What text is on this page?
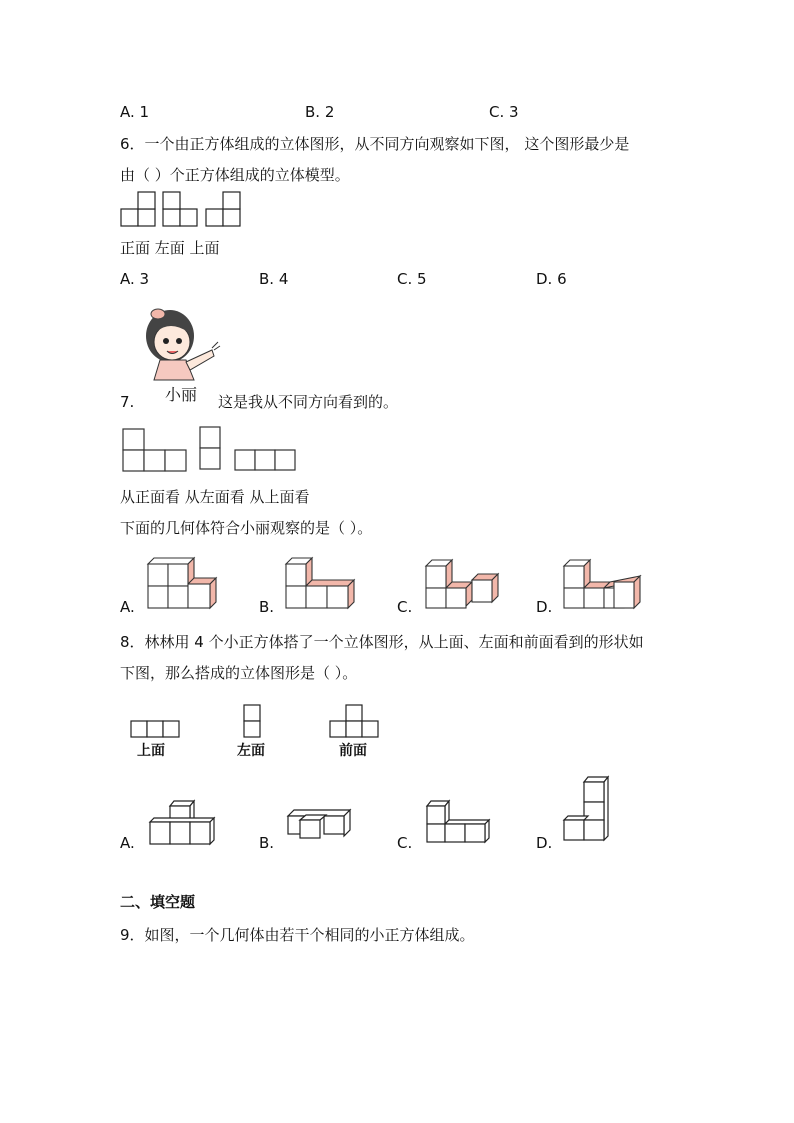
A. 1	B. 2	C. 3
6．一个由正方体组成的立体图形，从不同方向观察如下图， 这个图形最少是
由（ ）个正方体组成的立体模型。
正面 左面 上面
A. 3	B. 4	C. 5	D. 6
小丽
7.	这是我从不同方向看到的。
从正面看 从左面看 从上面看
下面的几何体符合小丽观察的是（ ）。
A.	B.	C.	D.
8．林林用 4 个小正方体搭了一个立体图形，从上面、左面和前面看到的形状如
下图，那么搭成的立体图形是（ ）。
上面	左面	前面
A.	B.	C.	D.
二、填空题
9．如图，一个几何体由若干个相同的小正方体组成。
